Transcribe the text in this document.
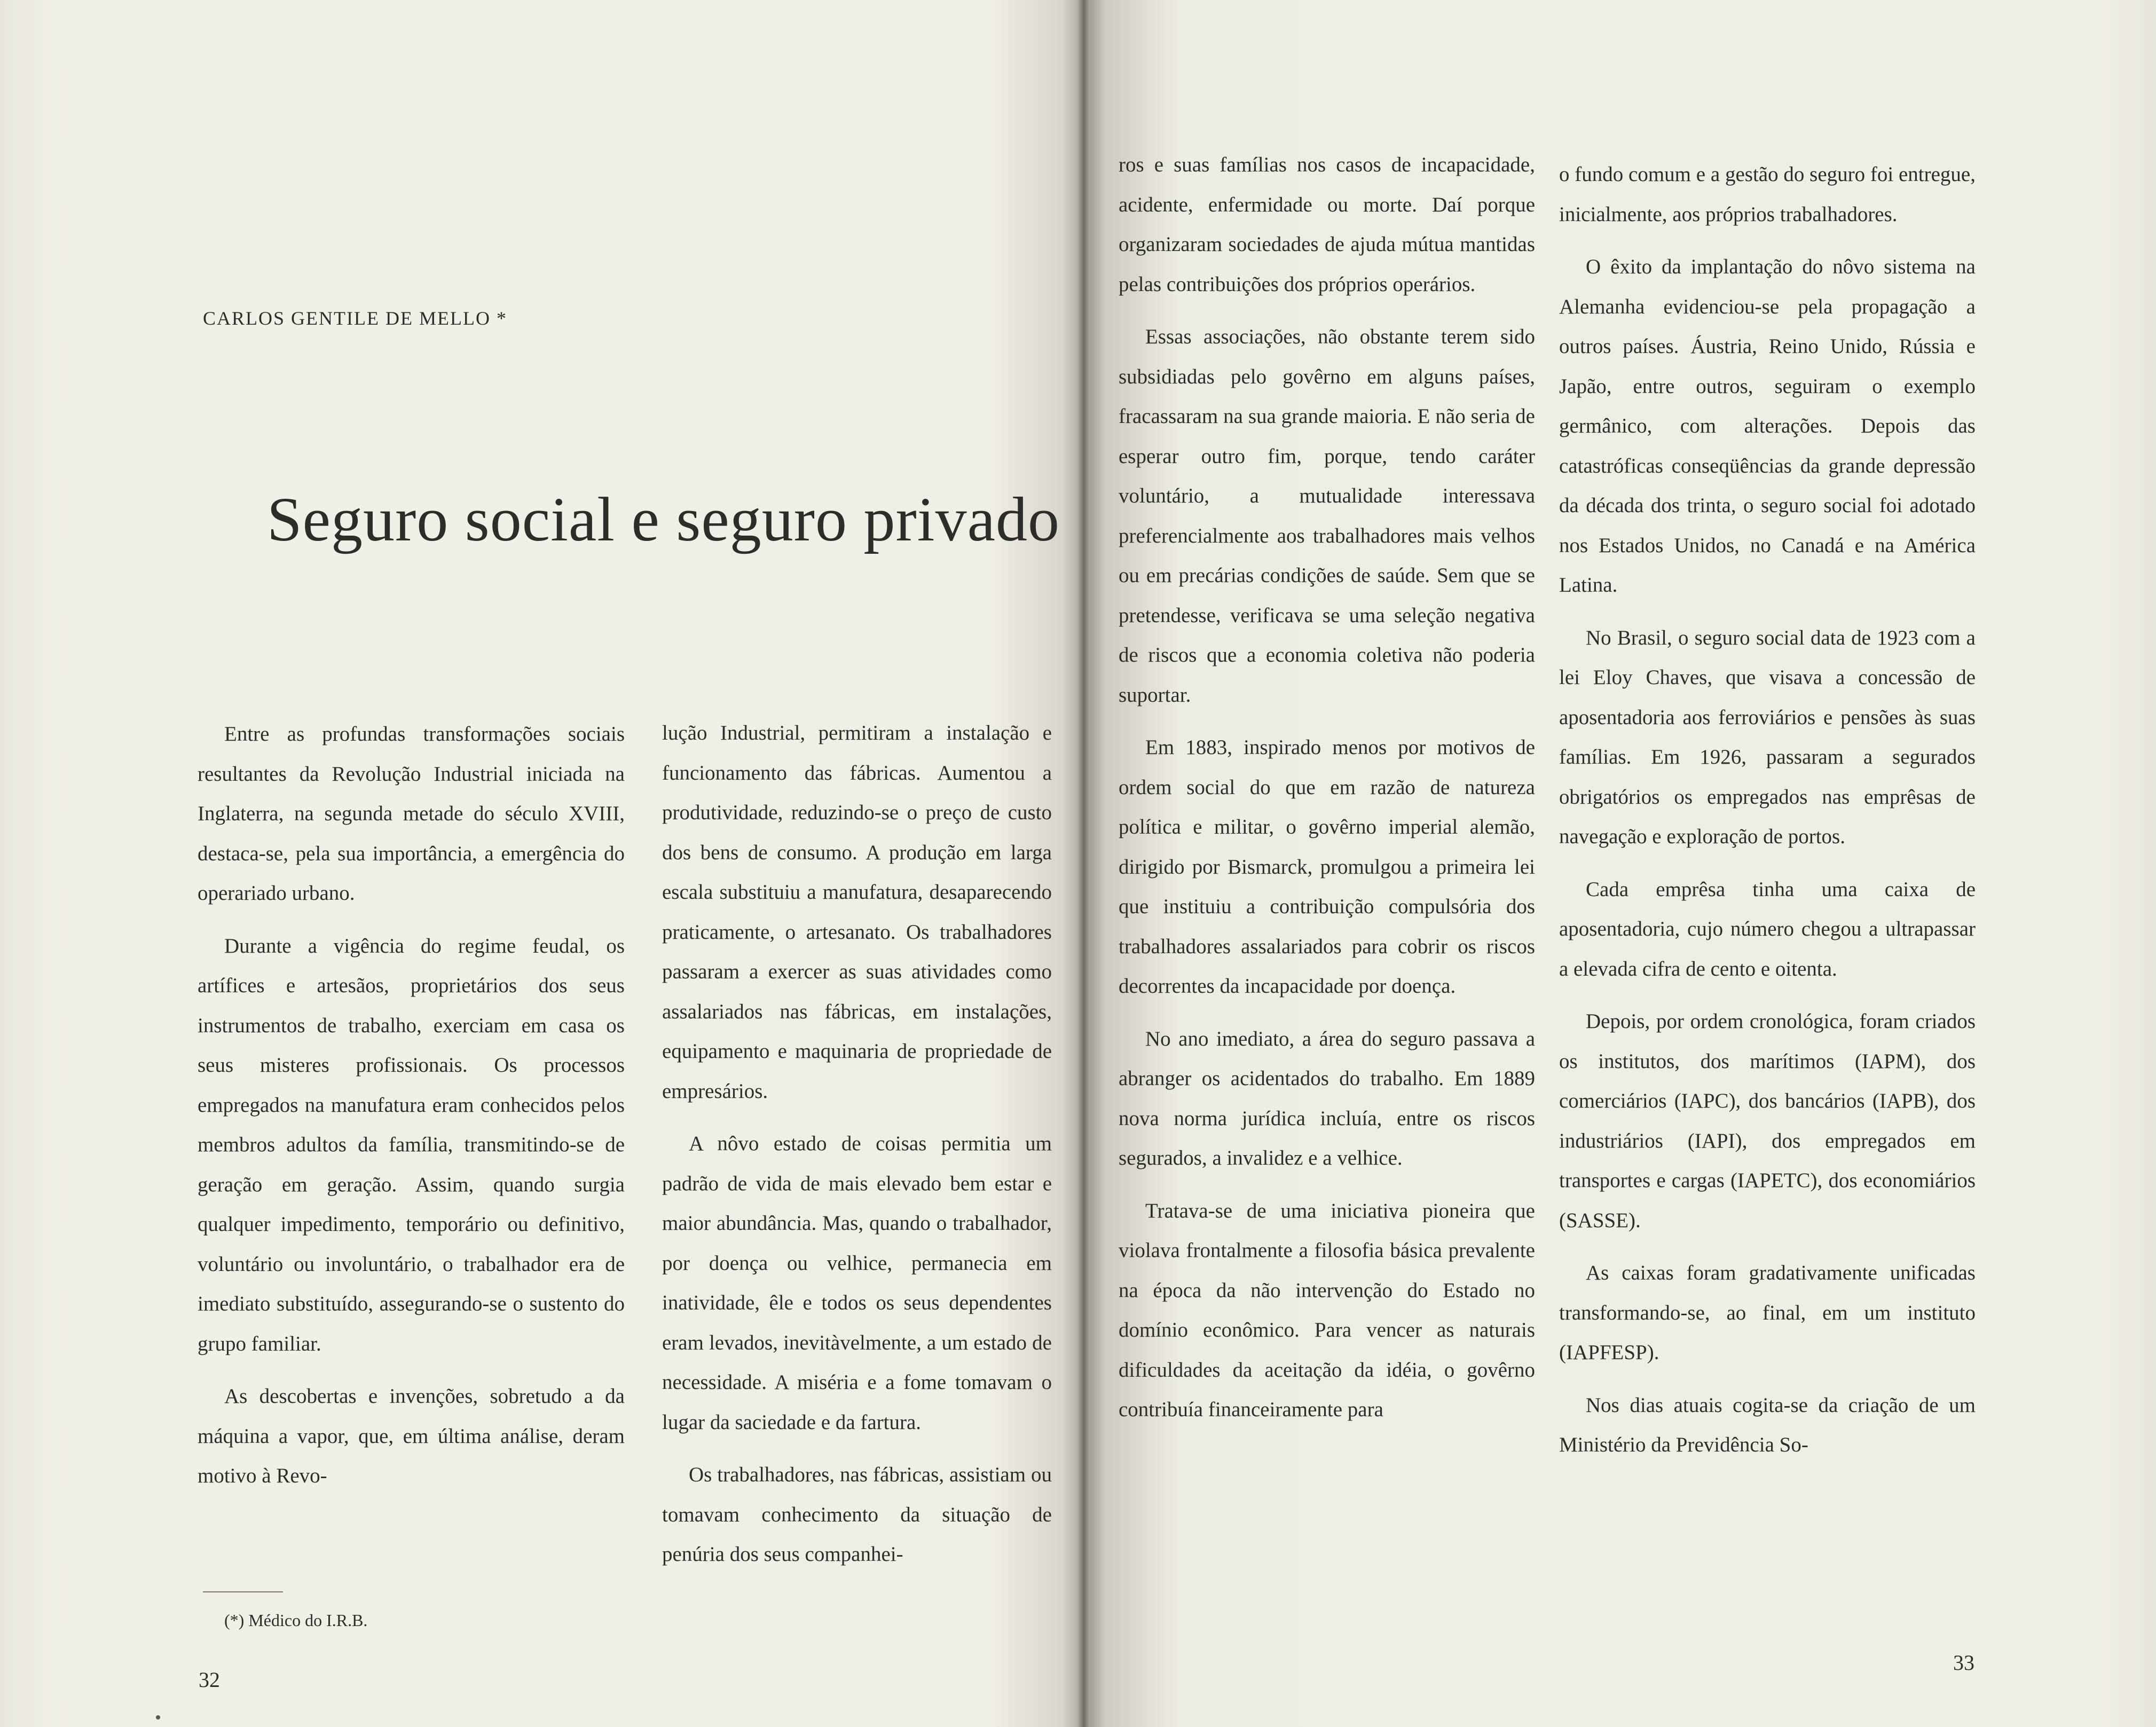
CARLOS GENTILE DE MELLO *
Seguro social e seguro privado

Entre as profundas transformações sociais resultantes da Revolução Industrial iniciada na Inglaterra, na segunda metade do século XVIII, destaca-se, pela sua importância, a emergência do operariado urbano.

Durante a vigência do regime feudal, os artífices e artesãos, proprietários dos seus instrumentos de trabalho, exerciam em casa os seus misteres profissionais. Os processos empregados na manufatura eram conhecidos pelos membros adultos da família, transmitindo-se de geração em geração. Assim, quando surgia qualquer impedimento, temporário ou definitivo, voluntário ou involuntário, o trabalhador era de imediato substituído, assegurando-se o sustento do grupo familiar.

As descobertas e invenções, sobretudo a da máquina a vapor, que, em última análise, deram motivo à Revo-

lução Industrial, permitiram a instalação e funcionamento das fábricas. Aumentou a produtividade, reduzindo-se o preço de custo dos bens de consumo. A produção em larga escala substituiu a manufatura, desaparecendo praticamente, o artesanato. Os trabalhadores passaram a exercer as suas atividades como assalariados nas fábricas, em instalações, equipamento e maquinaria de propriedade de empresários.

A nôvo estado de coisas permitia um padrão de vida de mais elevado bem estar e maior abundância. Mas, quando o trabalhador, por doença ou velhice, permanecia em inatividade, êle e todos os seus dependentes eram levados, inevitàvelmente, a um estado de necessidade. A miséria e a fome tomavam o lugar da saciedade e da fartura.

Os trabalhadores, nas fábricas, assistiam ou tomavam conhecimento da situação de penúria dos seus companhei-

(*) Médico do I.R.B.
32

ros e suas famílias nos casos de incapacidade, acidente, enfermidade ou morte. Daí porque organizaram sociedades de ajuda mútua mantidas pelas contribuições dos próprios operários.

Essas associações, não obstante terem sido subsidiadas pelo govêrno em alguns países, fracassaram na sua grande maioria. E não seria de esperar outro fim, porque, tendo caráter voluntário, a mutualidade interessava preferencialmente aos trabalhadores mais velhos ou em precárias condições de saúde. Sem que se pretendesse, verificava se uma seleção negativa de riscos que a economia coletiva não poderia suportar.

Em 1883, inspirado menos por motivos de ordem social do que em razão de natureza política e militar, o govêrno imperial alemão, dirigido por Bismarck, promulgou a primeira lei que instituiu a contribuição compulsória dos trabalhadores assalariados para cobrir os riscos decorrentes da incapacidade por doença.

No ano imediato, a área do seguro passava a abranger os acidentados do trabalho. Em 1889 nova norma jurídica incluía, entre os riscos segurados, a invalidez e a velhice.

Tratava-se de uma iniciativa pioneira que violava frontalmente a filosofia básica prevalente na época da não intervenção do Estado no domínio econômico. Para vencer as naturais dificuldades da aceitação da idéia, o govêrno contribuía financeiramente para

o fundo comum e a gestão do seguro foi entregue, inicialmente, aos próprios trabalhadores.

O êxito da implantação do nôvo sistema na Alemanha evidenciou-se pela propagação a outros países. Áustria, Reino Unido, Rússia e Japão, entre outros, seguiram o exemplo germânico, com alterações. Depois das catastróficas conseqüências da grande depressão da década dos trinta, o seguro social foi adotado nos Estados Unidos, no Canadá e na América Latina.

No Brasil, o seguro social data de 1923 com a lei Eloy Chaves, que visava a concessão de aposentadoria aos ferroviários e pensões às suas famílias. Em 1926, passaram a segurados obrigatórios os empregados nas emprêsas de navegação e exploração de portos.

Cada emprêsa tinha uma caixa de aposentadoria, cujo número chegou a ultrapassar a elevada cifra de cento e oitenta.

Depois, por ordem cronológica, foram criados os institutos, dos marítimos (IAPM), dos comerciários (IAPC), dos bancários (IAPB), dos industriários (IAPI), dos empregados em transportes e cargas (IAPETC), dos economiários (SASSE).

As caixas foram gradativamente unificadas transformando-se, ao final, em um instituto (IAPFESP).

Nos dias atuais cogita-se da criação de um Ministério da Previdência So-

33
